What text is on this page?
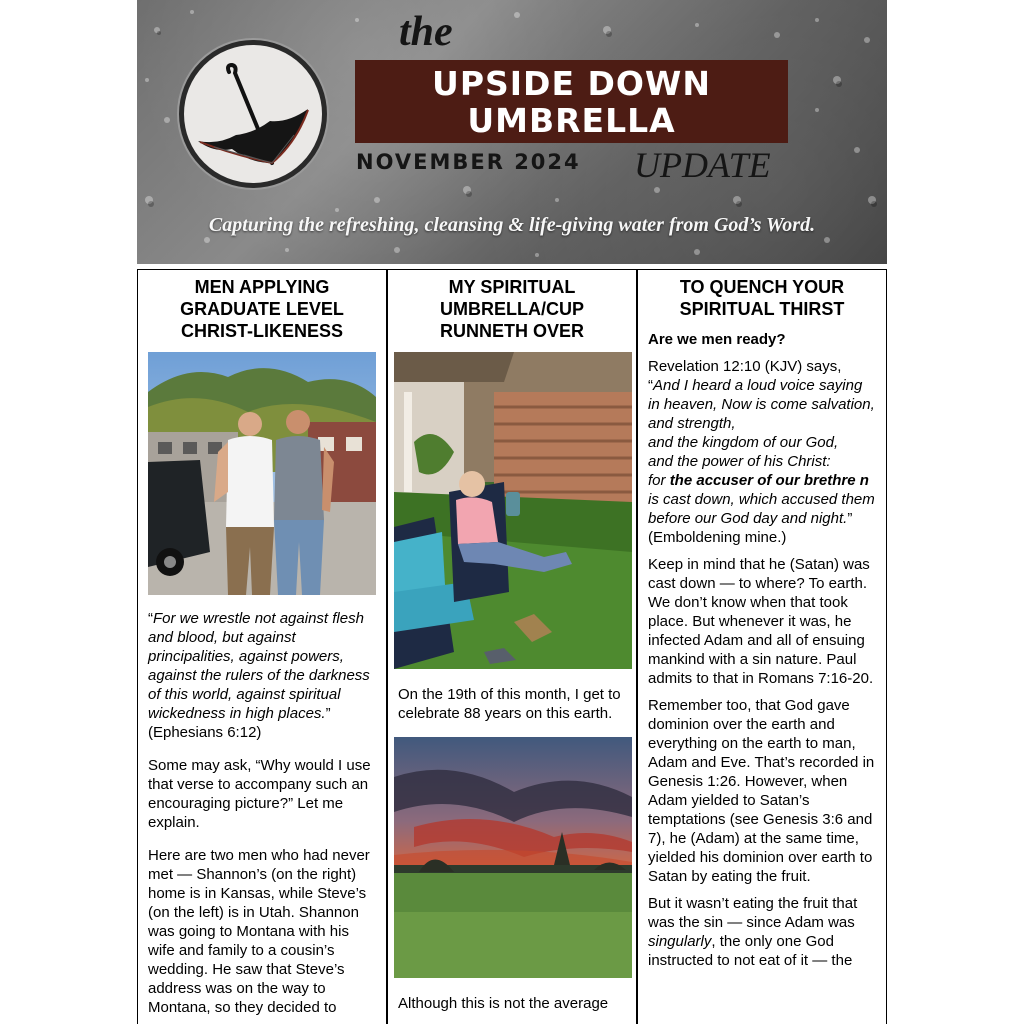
the
UPSIDE DOWN
UMBRELLA
NOVEMBER 2024 UPDATE
Capturing the refreshing, cleansing & life-giving water from God’s Word.
MEN APPLYING GRADUATE LEVEL CHRIST-LIKENESS

“For we wrestle not against flesh and blood, but against principalities, against powers, against the rulers of the darkness of this world, against spiritual wickedness in high places.” (Ephesians 6:12)

Some may ask, “Why would I use that verse to accompany such an encouraging picture?” Let me explain.

Here are two men who had never met — Shannon’s (on the right) home is in Kansas, while Steve’s (on the left) is in Utah. Shannon was going to Montana with his wife and family to a cousin’s wedding. He saw that Steve’s address was on the way to Montana, so they decided to

MY SPIRITUAL UMBRELLA/CUP RUNNETH OVER

On the 19th of this month, I get to celebrate 88 years on this earth.

Although this is not the average

TO QUENCH YOUR SPIRITUAL THIRST

Are we men ready?

Revelation 12:10 (KJV) says,
“And I heard a loud voice saying in heaven, Now is come salvation, and strength,
and the kingdom of our God,
and the power of his Christ:
for the accuser of our brethre n is cast down, which accused them before our God day and night.” (Emboldening mine.)

Keep in mind that he (Satan) was cast down — to where? To earth. We don’t know when that took place. But whenever it was, he infected Adam and all of ensuing mankind with a sin nature. Paul admits to that in Romans 7:16-20.

Remember too, that God gave dominion over the earth and everything on the earth to man, Adam and Eve. That’s recorded in Genesis 1:26. However, when Adam yielded to Satan’s temptations (see Genesis 3:6 and 7), he (Adam) at the same time, yielded his dominion over earth to Satan by eating the fruit.

But it wasn’t eating the fruit that was the sin — since Adam was singularly, the only one God instructed to not eat of it — the
